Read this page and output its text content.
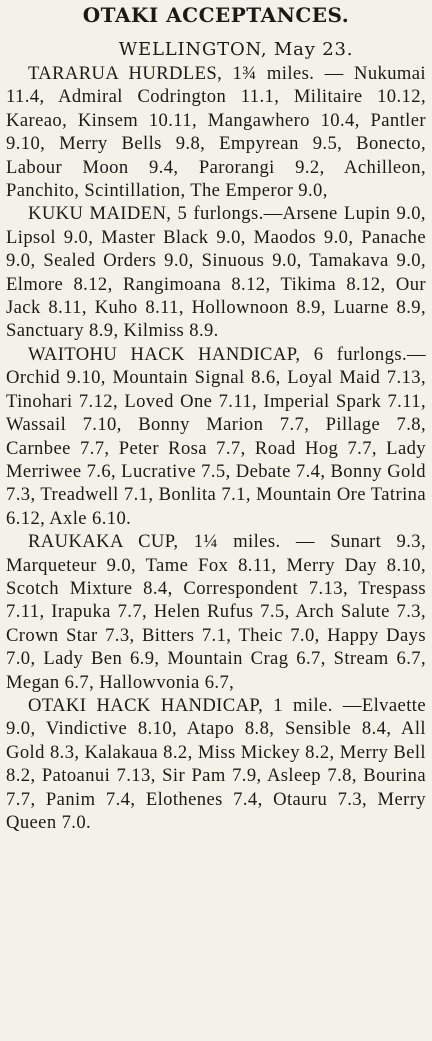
OTAKI ACCEPTANCES.

WELLINGTON, May 23.

TARARUA HURDLES, 1¾ miles. — Nukumai 11.4, Admiral Codrington 11.1, Militaire 10.12, Kareao, Kinsem 10.11, Mangawhero 10.4, Pantler 9.10, Merry Bells 9.8, Empyrean 9.5, Bonecto, Labour Moon 9.4, Parorangi 9.2, Achilleon, Panchito, Scintillation, The Emperor 9.0,

KUKU MAIDEN, 5 furlongs.—Arsene Lupin 9.0, Lipsol 9.0, Master Black 9.0, Maodos 9.0, Panache 9.0, Sealed Orders 9.0, Sinuous 9.0, Tamakava 9.0, Elmore 8.12, Rangimoana 8.12, Tikima 8.12, Our Jack 8.11, Kuho 8.11, Hollownoon 8.9, Luarne 8.9, Sanctuary 8.9, Kilmiss 8.9.

WAITOHU HACK HANDICAP, 6 furlongs.—Orchid 9.10, Mountain Signal 8.6, Loyal Maid 7.13, Tinohari 7.12, Loved One 7.11, Imperial Spark 7.11, Wassail 7.10, Bonny Marion 7.7, Pillage 7.8, Carnbee 7.7, Peter Rosa 7.7, Road Hog 7.7, Lady Merriwee 7.6, Lucrative 7.5, Debate 7.4, Bonny Gold 7.3, Treadwell 7.1, Bonlita 7.1, Mountain Ore Tatrina 6.12, Axle 6.10.

RAUKAKA CUP, 1¼ miles. — Sunart 9.3, Marqueteur 9.0, Tame Fox 8.11, Merry Day 8.10, Scotch Mixture 8.4, Correspondent 7.13, Trespass 7.11, Irapuka 7.7, Helen Rufus 7.5, Arch Salute 7.3, Crown Star 7.3, Bitters 7.1, Theic 7.0, Happy Days 7.0, Lady Ben 6.9, Mountain Crag 6.7, Stream 6.7, Megan 6.7, Hallowvonia 6.7,

OTAKI HACK HANDICAP, 1 mile. —Elvaette 9.0, Vindictive 8.10, Atapo 8.8, Sensible 8.4, All Gold 8.3, Kalakaua 8.2, Miss Mickey 8.2, Merry Bell 8.2, Patoanui 7.13, Sir Pam 7.9, Asleep 7.8, Bourina 7.7, Panim 7.4, Elothenes 7.4, Otauru 7.3, Merry Queen 7.0.
